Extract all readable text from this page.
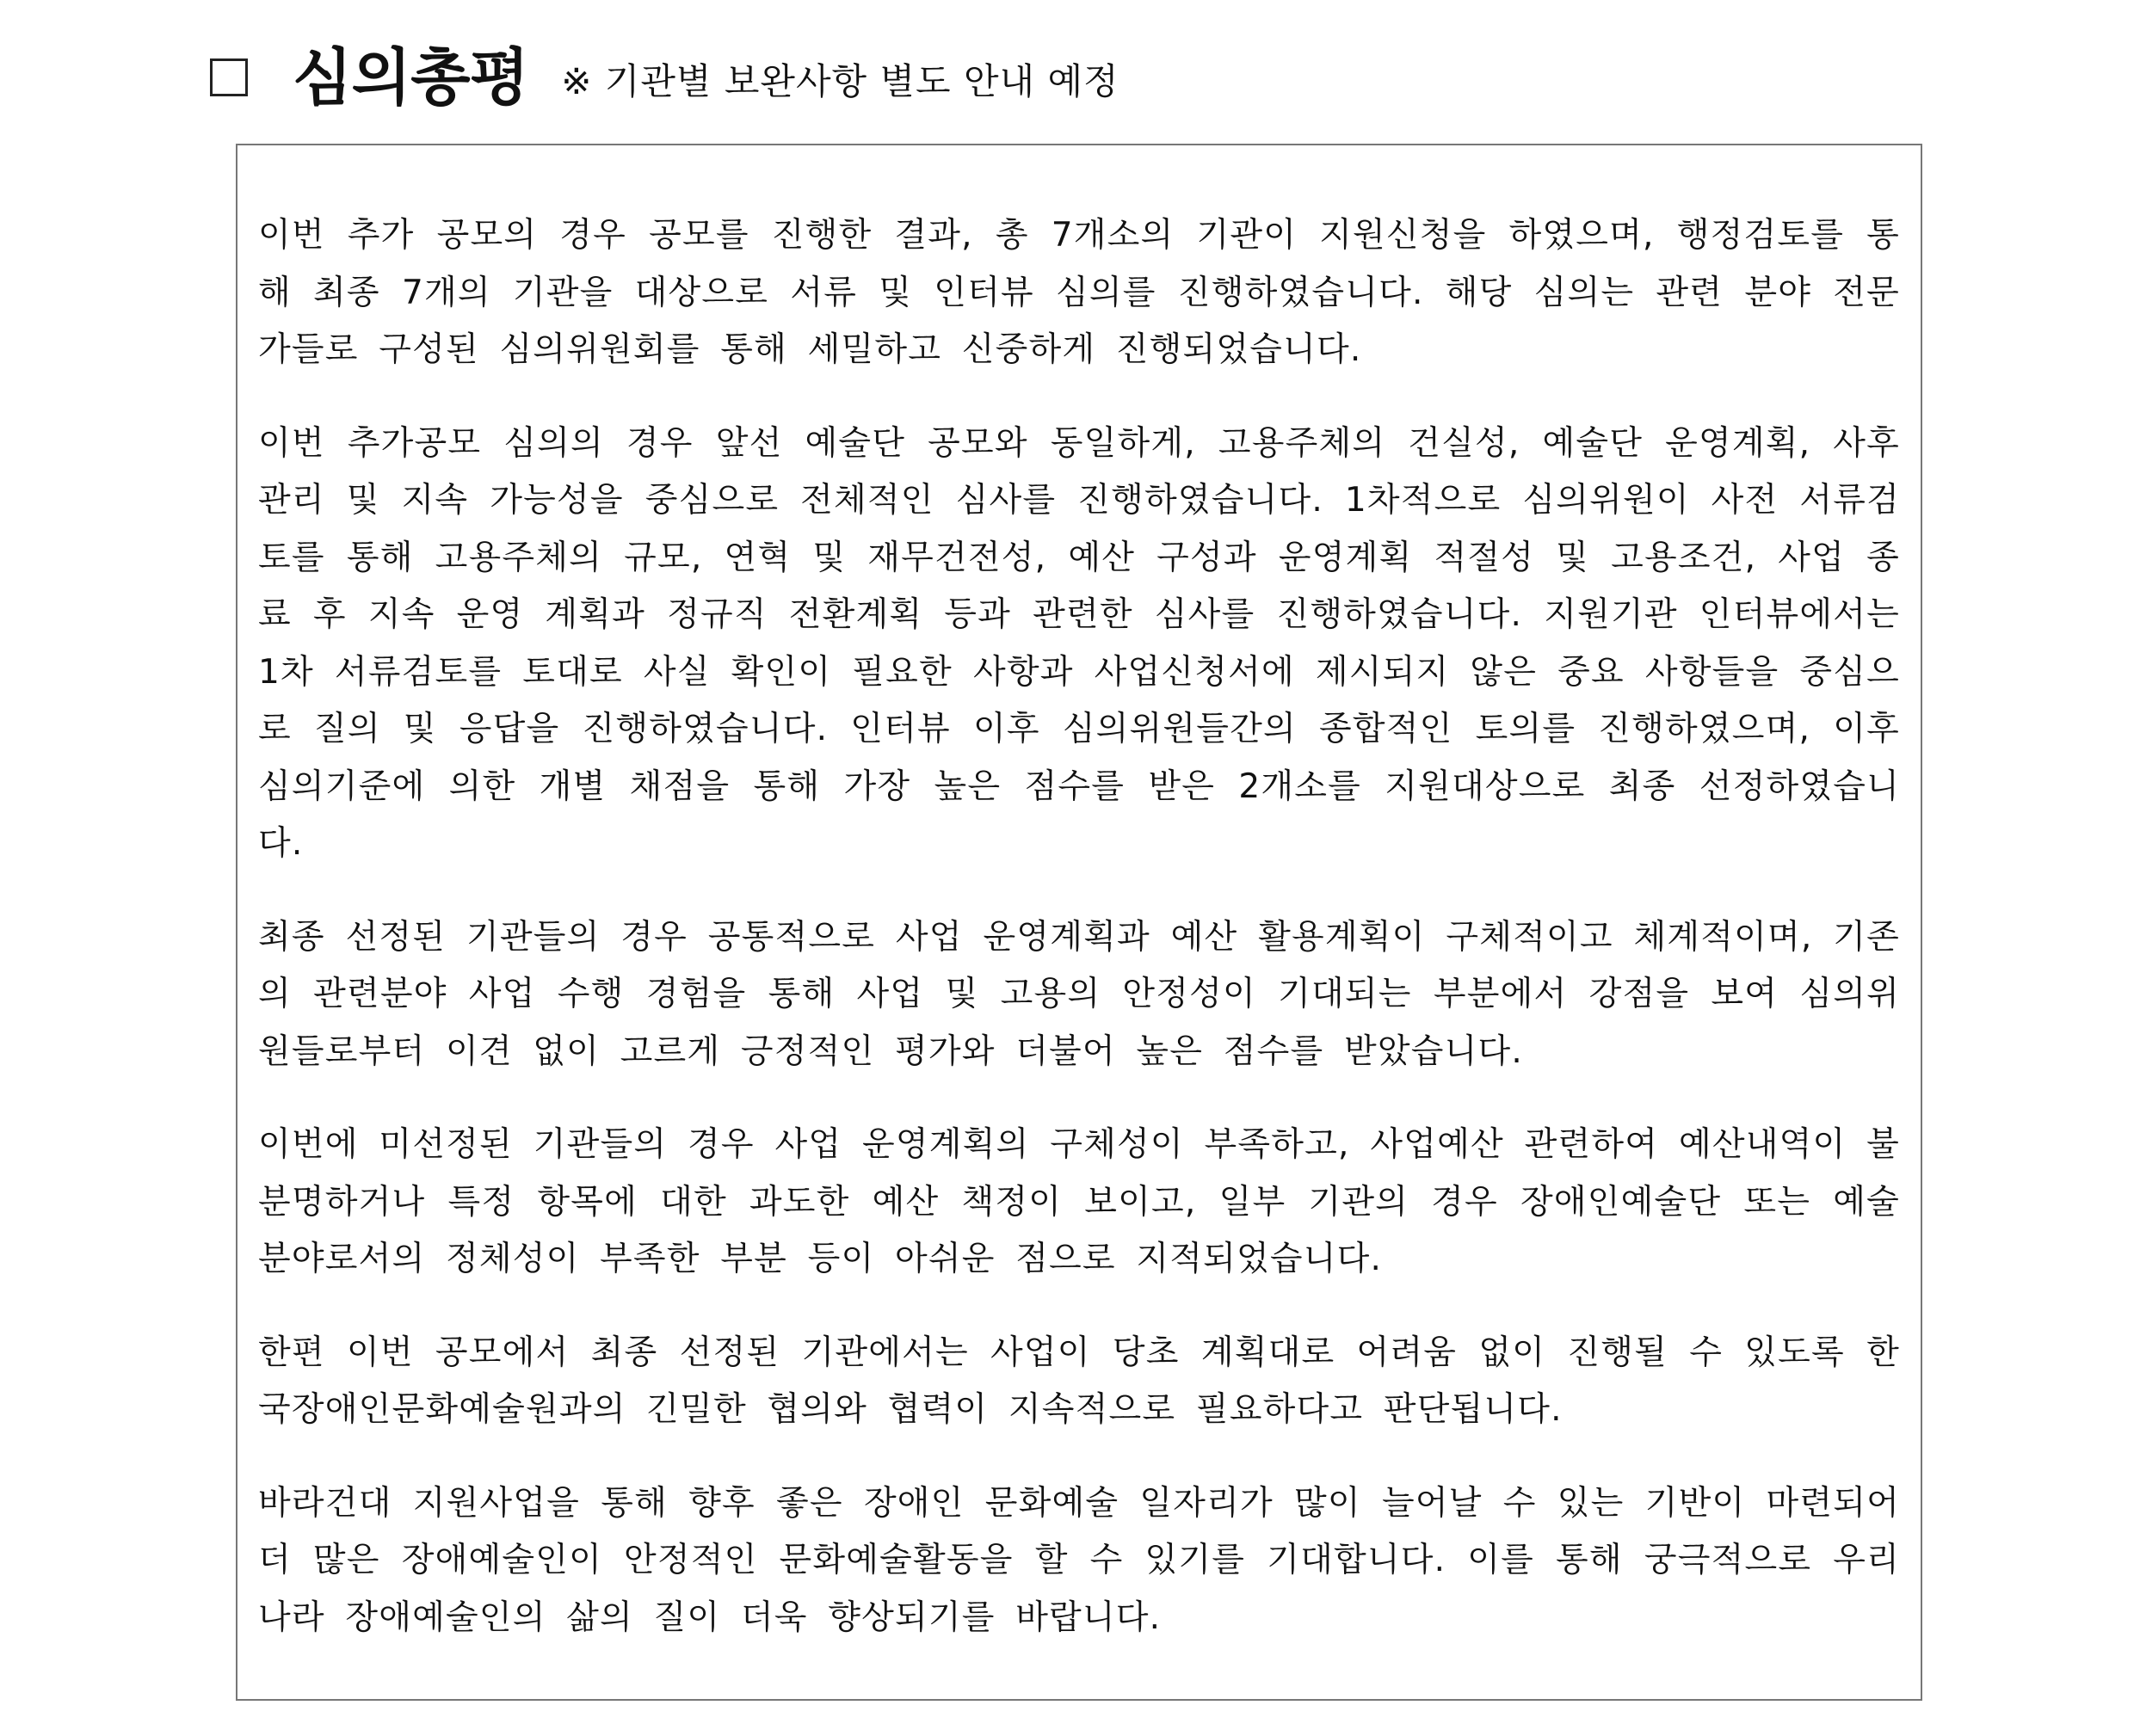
심의총평 ※ 기관별 보완사항 별도 안내 예정

이번 추가 공모의 경우 공모를 진행한 결과, 총 7개소의 기관이 지원신청을 하였으며, 행정검토를 통해 최종 7개의 기관을 대상으로 서류 및 인터뷰 심의를 진행하였습니다. 해당 심의는 관련 분야 전문가들로 구성된 심의위원회를 통해 세밀하고 신중하게 진행되었습니다.

이번 추가공모 심의의 경우 앞선 예술단 공모와 동일하게, 고용주체의 건실성, 예술단 운영계획, 사후관리 및 지속 가능성을 중심으로 전체적인 심사를 진행하였습니다. 1차적으로 심의위원이 사전 서류검토를 통해 고용주체의 규모, 연혁 및 재무건전성, 예산 구성과 운영계획 적절성 및 고용조건, 사업 종료 후 지속 운영 계획과 정규직 전환계획 등과 관련한 심사를 진행하였습니다. 지원기관 인터뷰에서는 1차 서류검토를 토대로 사실 확인이 필요한 사항과 사업신청서에 제시되지 않은 중요 사항들을 중심으로 질의 및 응답을 진행하였습니다. 인터뷰 이후 심의위원들간의 종합적인 토의를 진행하였으며, 이후 심의기준에 의한 개별 채점을 통해 가장 높은 점수를 받은 2개소를 지원대상으로 최종 선정하였습니다.

최종 선정된 기관들의 경우 공통적으로 사업 운영계획과 예산 활용계획이 구체적이고 체계적이며, 기존의 관련분야 사업 수행 경험을 통해 사업 및 고용의 안정성이 기대되는 부분에서 강점을 보여 심의위원들로부터 이견 없이 고르게 긍정적인 평가와 더불어 높은 점수를 받았습니다.

이번에 미선정된 기관들의 경우 사업 운영계획의 구체성이 부족하고, 사업예산 관련하여 예산내역이 불분명하거나 특정 항목에 대한 과도한 예산 책정이 보이고, 일부 기관의 경우 장애인예술단 또는 예술분야로서의 정체성이 부족한 부분 등이 아쉬운 점으로 지적되었습니다.

한편 이번 공모에서 최종 선정된 기관에서는 사업이 당초 계획대로 어려움 없이 진행될 수 있도록 한국장애인문화예술원과의 긴밀한 협의와 협력이 지속적으로 필요하다고 판단됩니다.

바라건대 지원사업을 통해 향후 좋은 장애인 문화예술 일자리가 많이 늘어날 수 있는 기반이 마련되어 더 많은 장애예술인이 안정적인 문화예술활동을 할 수 있기를 기대합니다. 이를 통해 궁극적으로 우리나라 장애예술인의 삶의 질이 더욱 향상되기를 바랍니다.
